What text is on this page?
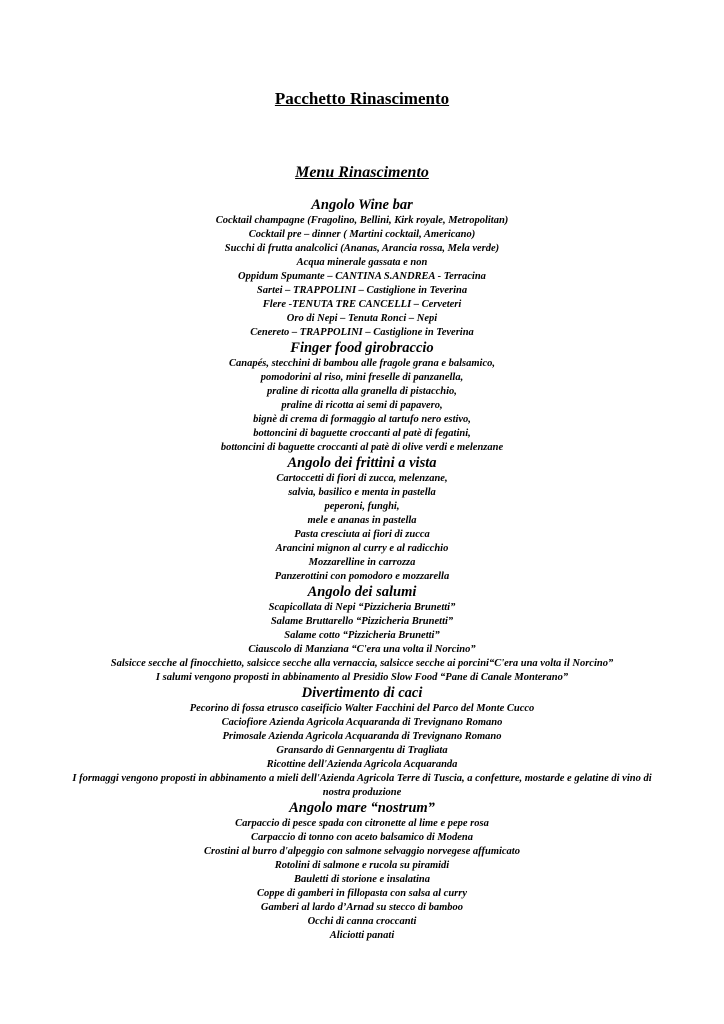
Pacchetto Rinascimento
Menu Rinascimento

Angolo Wine bar

Cocktail champagne (Fragolino, Bellini, Kirk royale, Metropolitan)

Cocktail pre – dinner ( Martini cocktail, Americano)

Succhi di frutta analcolici (Ananas, Arancia rossa, Mela verde)

Acqua minerale gassata e non

Oppidum Spumante – CANTINA S.ANDREA - Terracina

Sartei – TRAPPOLINI – Castiglione in Teverina

Flere -TENUTA TRE CANCELLI – Cerveteri

Oro di Nepi – Tenuta Ronci – Nepi

Cenereto – TRAPPOLINI – Castiglione in Teverina

Finger food girobraccio

Canapés, stecchini di bambou alle fragole grana e balsamico,

pomodorini al riso, mini freselle di panzanella,

praline di ricotta alla granella di pistacchio,

praline di ricotta ai semi di papavero,

bignè di crema di formaggio al tartufo nero estivo,

bottoncini di baguette croccanti al patè di fegatini,

bottoncini di baguette croccanti al patè di olive verdi e melenzane

Angolo dei frittini a vista

Cartoccetti di fiori di zucca, melenzane,

salvia, basilico e menta in pastella

peperoni, funghi,

mele e ananas in pastella

Pasta cresciuta ai fiori di zucca

Arancini mignon al curry e al radicchio

Mozzarelline in carrozza

Panzerottini con pomodoro e mozzarella

Angolo dei salumi

Scapicollata di Nepi “Pizzicheria Brunetti”

Salame Bruttarello “Pizzicheria Brunetti”

Salame cotto “Pizzicheria Brunetti”

Ciauscolo di Manziana “C'era una volta il Norcino”

Salsicce secche al finocchietto, salsicce secche alla vernaccia, salsicce secche ai porcini“C'era una volta il Norcino”

I salumi vengono proposti in abbinamento al Presidio Slow Food “Pane di Canale Monterano”

Divertimento di caci

Pecorino di fossa etrusco caseificio Walter Facchini del Parco del Monte Cucco

Caciofiore Azienda Agricola Acquaranda di Trevignano Romano

Primosale Azienda Agricola Acquaranda di Trevignano Romano

Gransardo di Gennargentu di Tragliata

Ricottine dell'Azienda Agricola Acquaranda

I formaggi vengono proposti in abbinamento a mieli dell'Azienda Agricola Terre di Tuscia, a confetture, mostarde e gelatine di vino di nostra produzione

Angolo mare “nostrum”

Carpaccio di pesce spada con citronette al lime e pepe rosa

Carpaccio di tonno con aceto balsamico di Modena

Crostini al burro d'alpeggio con salmone selvaggio norvegese affumicato

Rotolini di salmone e rucola su piramidi

Bauletti di storione e insalatina

Coppe di gamberi in fillopasta con salsa al curry

Gamberi al lardo d’Arnad su stecco di bamboo

Occhi di canna croccanti

Aliciotti panati
